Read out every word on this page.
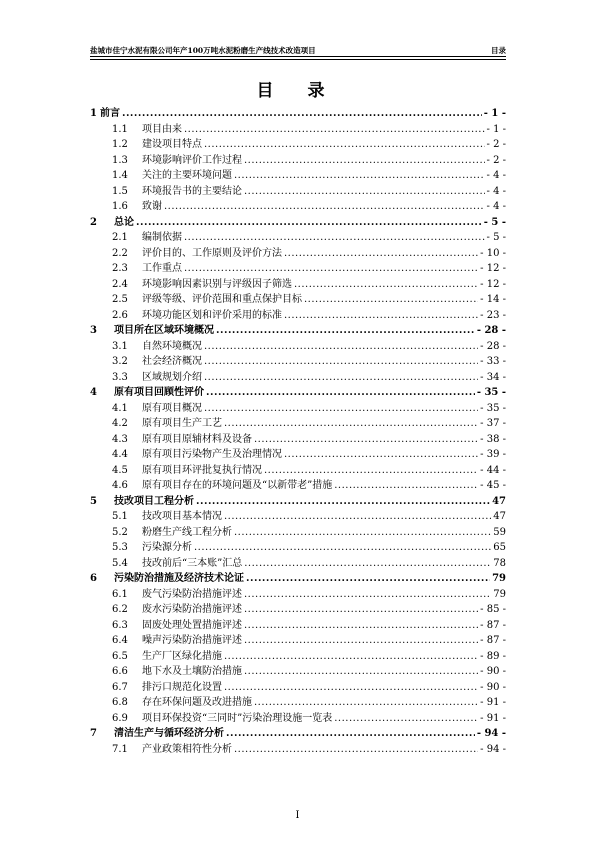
盐城市佳宁水泥有限公司年产100万吨水泥粉磨生产线技术改造项目	目录
目 录
1 前言 .....	- 1 -
1.1	项目由来 .....	- 1 -
1.2	建设项目特点 .....	- 2 -
1.3	环境影响评价工作过程 .....	- 2 -
1.4	关注的主要环境问题 .....	- 4 -
1.5	环境报告书的主要结论 .....	- 4 -
1.6	致谢 .....	- 4 -
2	总论 .....	- 5 -
2.1	编制依据 .....	- 5 -
2.2	评价目的、工作原则及评价方法 .....	- 10 -
2.3	工作重点 .....	- 12 -
2.4	环境影响因素识别与评级因子筛选 .....	- 12 -
2.5	评级等级、评价范围和重点保护目标 .....	- 14 -
2.6	环境功能区划和评价采用的标准 .....	- 23 -
3	项目所在区域环境概况 .....	- 28 -
3.1	自然环境概况 .....	- 28 -
3.2	社会经济概况 .....	- 33 -
3.3	区域规划介绍 .....	- 34 -
4	原有项目回顾性评价 .....	- 35 -
4.1	原有项目概况 .....	- 35 -
4.2	原有项目生产工艺 .....	- 37 -
4.3	原有项目原辅材料及设备 .....	- 38 -
4.4	原有项目污染物产生及治理情况 .....	- 39 -
4.5	原有项目环评批复执行情况 .....	- 44 -
4.6	原有项目存在的环境问题及“以新带老”措施 .....	- 45 -
5	技改项目工程分析 .....	47
5.1	技改项目基本情况 .....	47
5.2	粉磨生产线工程分析 .....	59
5.3	污染源分析 .....	65
5.4	技改前后“三本账”汇总 .....	78
6	污染防治措施及经济技术论证 .....	79
6.1	废气污染防治措施评述 .....	79
6.2	废水污染防治措施评述 .....	- 85 -
6.3	固废处理处置措施评述 .....	- 87 -
6.4	噪声污染防治措施评述 .....	- 87 -
6.5	生产厂区绿化措施 .....	- 89 -
6.6	地下水及土壤防治措施 .....	- 90 -
6.7	排污口规范化设置 .....	- 90 -
6.8	存在环保问题及改进措施 .....	- 91 -
6.9	项目环保投资“三同时”污染治理设施一览表 .....	- 91 -
7	清洁生产与循环经济分析 .....	- 94 -
7.1	产业政策相符性分析 .....	- 94 -
I
